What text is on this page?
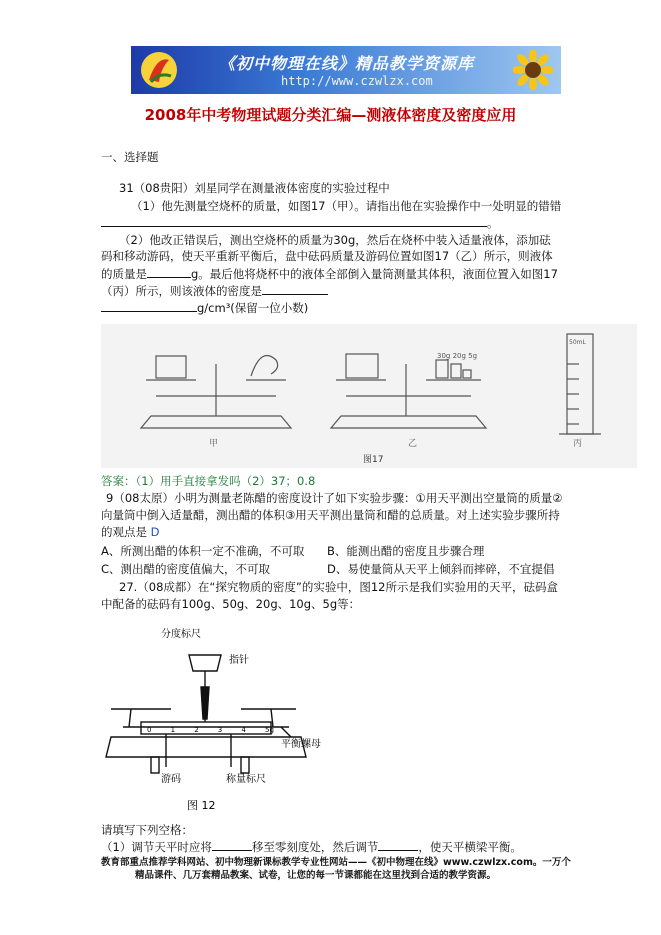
《初中物理在线》精品教学资源库
http://www.czwlzx.com
2008年中考物理试题分类汇编—测液体密度及密度应用
一、选择题
31（08贵阳）刘星同学在测量液体密度的实验过程中
（1）他先测量空烧杯的质量，如图17（甲）。请指出他在实验操作中一处明显的错错
。
（2）他改正错误后，测出空烧杯的质量为30g，然后在烧杯中装入适量液体，添加砝
码和移动游码，使天平重新平衡后，盘中砝码质量及游码位置如图17（乙）所示，则液体
的质量是	g。最后他将烧杯中的液体全部倒入量筒测量其体积，液面位置入如图17
（丙）所示，则该液体的密度是
g/cm³(保留一位小数)
30g 20g 5g
50mL
甲	乙	丙
图17
答案：（1）用手直接拿发吗（2）37；0.8
9（08太原）小明为测量老陈醋的密度设计了如下实验步骤：①用天平测出空量筒的质量②
向量筒中倒入适量醋，测出醋的体积③用天平测出量筒和醋的总质量。对上述实验步骤所持
的观点是 D
A、所测出醋的体积一定不准确，不可取 B、能测出醋的密度且步骤合理
C、测出醋的密度值偏大，不可取	D、易使量筒从天平上倾斜而摔碎，不宜提倡
27.（08成都）在“探究物质的密度”的实验中，图12所示是我们实验用的天平，砝码盒
中配备的砝码有100g、50g、20g、10g、5g等：
分度标尺
指针
平衡螺母
游码	称量标尺
图 12
0	1	2	3	4	5g
请填写下列空格：
（1）调节天平时应将	移至零刻度处，然后调节	，使天平横梁平衡。
教育部重点推荐学科网站、初中物理新课标教学专业性网站——《初中物理在线》www.czwlzx.com。一万个
精品课件、几万套精品教案、试卷，让您的每一节课都能在这里找到合适的教学资源。
